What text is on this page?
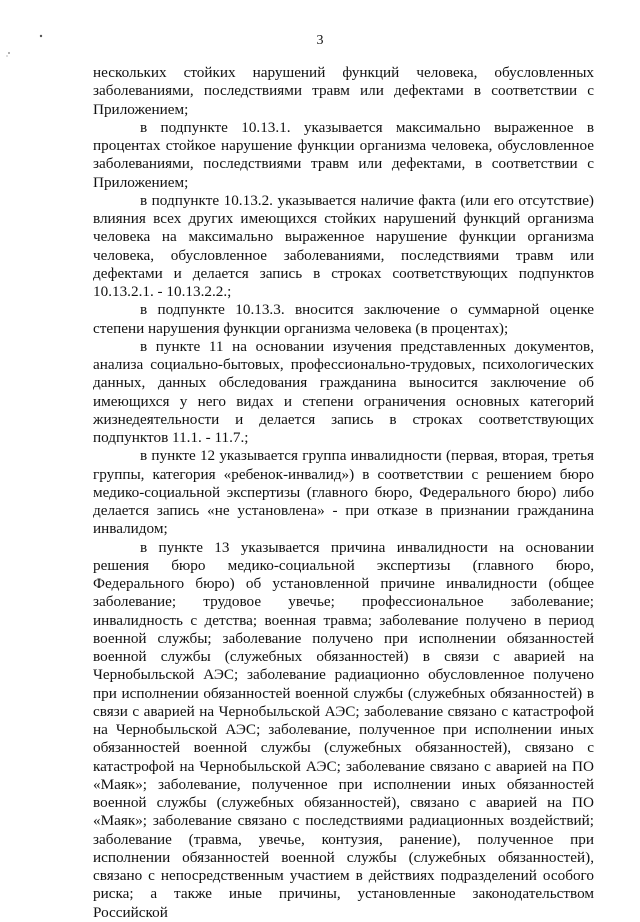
3

нескольких стойких нарушений функций человека, обусловленных заболеваниями, последствиями травм или дефектами в соответствии с Приложением;

в подпункте 10.13.1. указывается максимально выраженное в процентах стойкое нарушение функции организма человека, обусловленное заболеваниями, последствиями травм или дефектами, в соответствии с Приложением;

в подпункте 10.13.2. указывается наличие факта (или его отсутствие) влияния всех других имеющихся стойких нарушений функций организма человека на максимально выраженное нарушение функции организма человека, обусловленное заболеваниями, последствиями травм или дефектами и делается запись в строках соответствующих подпунктов 10.13.2.1. - 10.13.2.2.;

в подпункте 10.13.3. вносится заключение о суммарной оценке степени нарушения функции организма человека (в процентах);

в пункте 11 на основании изучения представленных документов, анализа социально-бытовых, профессионально-трудовых, психологических данных, данных обследования гражданина выносится заключение об имеющихся у него видах и степени ограничения основных категорий жизнедеятельности и делается запись в строках соответствующих подпунктов 11.1. - 11.7.;

в пункте 12 указывается группа инвалидности (первая, вторая, третья группы, категория «ребенок-инвалид») в соответствии с решением бюро медико-социальной экспертизы (главного бюро, Федерального бюро) либо делается запись «не установлена» - при отказе в признании гражданина инвалидом;

в пункте 13 указывается причина инвалидности на основании решения бюро медико-социальной экспертизы (главного бюро, Федерального бюро) об установленной причине инвалидности (общее заболевание; трудовое увечье; профессиональное заболевание; инвалидность с детства; военная травма; заболевание получено в период военной службы; заболевание получено при исполнении обязанностей военной службы (служебных обязанностей) в связи с аварией на Чернобыльской АЭС; заболевание радиационно обусловленное получено при исполнении обязанностей военной службы (служебных обязанностей) в связи с аварией на Чернобыльской АЭС; заболевание связано с катастрофой на Чернобыльской АЭС; заболевание, полученное при исполнении иных обязанностей военной службы (служебных обязанностей), связано с катастрофой на Чернобыльской АЭС; заболевание связано с аварией на ПО «Маяк»; заболевание, полученное при исполнении иных обязанностей военной службы (служебных обязанностей), связано с аварией на ПО «Маяк»; заболевание связано с последствиями радиационных воздействий; заболевание (травма, увечье, контузия, ранение), полученное при исполнении обязанностей военной службы (служебных обязанностей), связано с непосредственным участием в действиях подразделений особого риска; а также иные причины, установленные законодательством Российской
